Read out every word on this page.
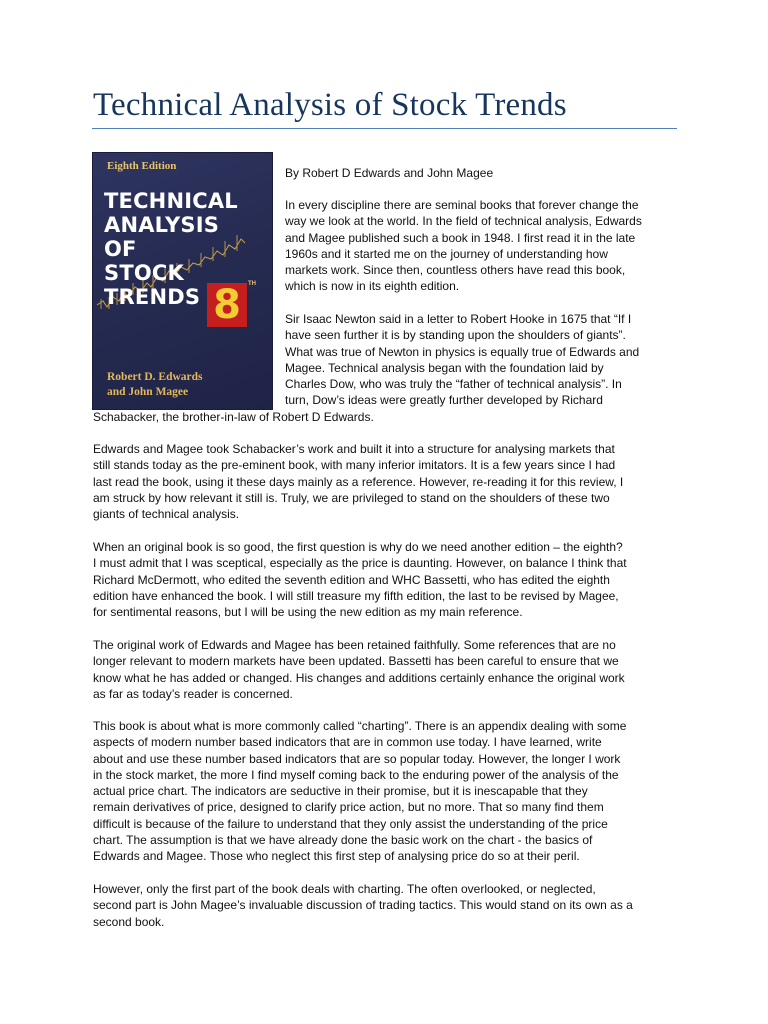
Technical Analysis of Stock Trends
Eighth Edition
TECHNICAL
ANALYSIS
OF
STOCK
TRENDS 8	TH
Robert D. Edwards
and John Magee

By Robert D Edwards and John Magee

In every discipline there are seminal books that forever change the
way we look at the world. In the field of technical analysis, Edwards
and Magee published such a book in 1948. I first read it in the late
1960s and it started me on the journey of understanding how
markets work. Since then, countless others have read this book,
which is now in its eighth edition.

Sir Isaac Newton said in a letter to Robert Hooke in 1675 that “If I
have seen further it is by standing upon the shoulders of giants”.
What was true of Newton in physics is equally true of Edwards and
Magee. Technical analysis began with the foundation laid by
Charles Dow, who was truly the “father of technical analysis”. In
turn, Dow’s ideas were greatly further developed by Richard

Schabacker, the brother-in-law of Robert D Edwards.

Edwards and Magee took Schabacker’s work and built it into a structure for analysing markets that
still stands today as the pre-eminent book, with many inferior imitators. It is a few years since I had
last read the book, using it these days mainly as a reference. However, re-reading it for this review, I
am struck by how relevant it still is. Truly, we are privileged to stand on the shoulders of these two
giants of technical analysis.

When an original book is so good, the first question is why do we need another edition – the eighth?
I must admit that I was sceptical, especially as the price is daunting. However, on balance I think that
Richard McDermott, who edited the seventh edition and WHC Bassetti, who has edited the eighth
edition have enhanced the book. I will still treasure my fifth edition, the last to be revised by Magee,
for sentimental reasons, but I will be using the new edition as my main reference.

The original work of Edwards and Magee has been retained faithfully. Some references that are no
longer relevant to modern markets have been updated. Bassetti has been careful to ensure that we
know what he has added or changed. His changes and additions certainly enhance the original work
as far as today’s reader is concerned.

This book is about what is more commonly called “charting”. There is an appendix dealing with some
aspects of modern number based indicators that are in common use today. I have learned, write
about and use these number based indicators that are so popular today. However, the longer I work
in the stock market, the more I find myself coming back to the enduring power of the analysis of the
actual price chart. The indicators are seductive in their promise, but it is inescapable that they
remain derivatives of price, designed to clarify price action, but no more. That so many find them
difficult is because of the failure to understand that they only assist the understanding of the price
chart. The assumption is that we have already done the basic work on the chart - the basics of
Edwards and Magee. Those who neglect this first step of analysing price do so at their peril.

However, only the first part of the book deals with charting. The often overlooked, or neglected,
second part is John Magee’s invaluable discussion of trading tactics. This would stand on its own as a
second book.
